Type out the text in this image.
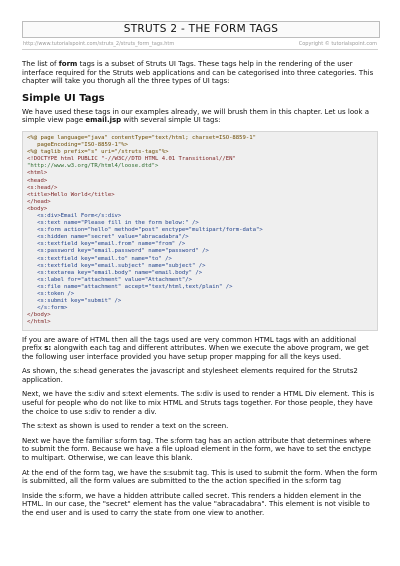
STRUTS 2 - THE FORM TAGS
http://www.tutorialspoint.com/struts_2/struts_form_tags.htm	Copyright © tutorialspoint.com

The list of form tags is a subset of Struts UI Tags. These tags help in the rendering of the user interface required for the Struts web applications and can be categorised into three categories. This chapter will take you thorugh all the three types of UI tags:

Simple UI Tags

We have used these tags in our examples already, we will brush them in this chapter. Let us look a simple view page email.jsp with several simple UI tags:

<%@ page language="java" contentType="text/html; charset=ISO-8859-1"
pageEncoding="ISO-8859-1"%>
<%@ taglib prefix="s" uri="/struts-tags"%>
<!DOCTYPE html PUBLIC "-//W3C//DTD HTML 4.01 Transitional//EN"
"http://www.w3.org/TR/html4/loose.dtd">
<html>
<head>
<s:head/>
<title>Hello World</title>
</head>
<body>
<s:div>Email Form</s:div>
<s:text name="Please fill in the form below:" />
<s:form action="hello" method="post" enctype="multipart/form-data">
<s:hidden name="secret" value="abracadabra"/>
<s:textfield key="email.from" name="from" />
<s:password key="email.password" name="password" />
<s:textfield key="email.to" name="to" />
<s:textfield key="email.subject" name="subject" />
<s:textarea key="email.body" name="email.body" />
<s:label for="attachment" value="Attachment"/>
<s:file name="attachment" accept="text/html,text/plain" />
<s:token />
<s:submit key="submit" />
</s:form>
</body>
</html>

If you are aware of HTML then all the tags used are very common HTML tags with an additional prefix s: alongwith each tag and different attributes. When we execute the above program, we get the following user interface provided you have setup proper mapping for all the keys used.

As shown, the s:head generates the javascript and stylesheet elements required for the Struts2 application.

Next, we have the s:div and s:text elements. The s:div is used to render a HTML Div element. This is useful for people who do not like to mix HTML and Struts tags together. For those people, they have the choice to use s:div to render a div.

The s:text as shown is used to render a text on the screen.

Next we have the familiar s:form tag. The s:form tag has an action attribute that determines where to submit the form. Because we have a file upload element in the form, we have to set the enctype to multipart. Otherwise, we can leave this blank.

At the end of the form tag, we have the s:submit tag. This is used to submit the form. When the form is submitted, all the form values are submitted to the the action specified in the s:form tag

Inside the s:form, we have a hidden attribute called secret. This renders a hidden element in the HTML. In our case, the "secret" element has the value "abracadabra". This element is not visible to the end user and is used to carry the state from one view to another.
